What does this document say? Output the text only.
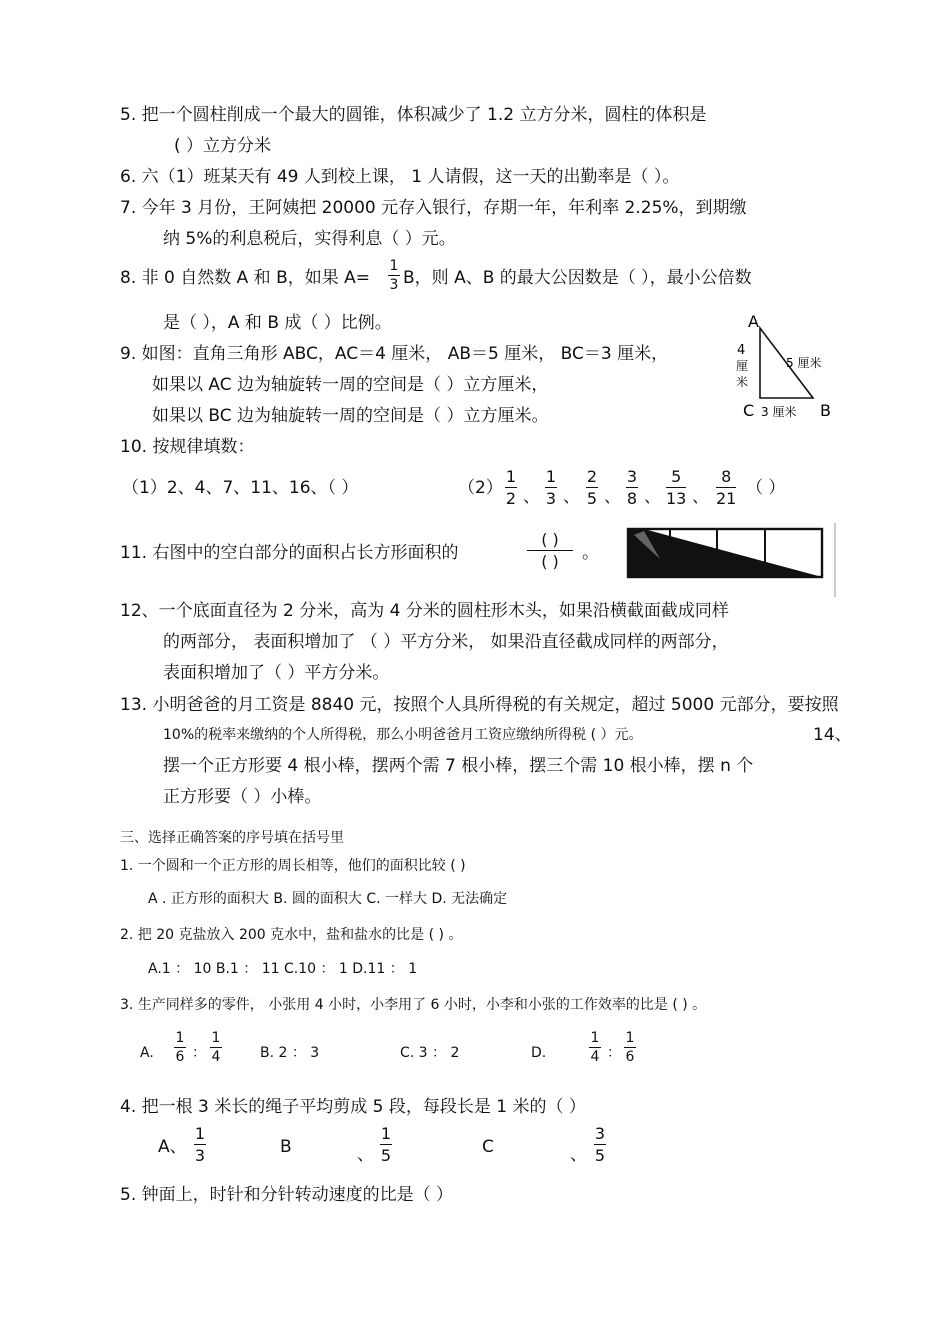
5. 把一个圆柱削成一个最大的圆锥，体积减少了 1.2 立方分米，圆柱的体积是
( ）立方分米
6. 六（1）班某天有 49 人到校上课， 1 人请假，这一天的出勤率是（ ）。
7. 今年 3 月份，王阿姨把 20000 元存入银行，存期一年，年利率 2.25%，到期缴
纳 5%的利息税后，实得利息（ ）元。
8. 非 0 自然数 A 和 B，如果 A=
1
3 B，则 A、B 的最大公因数是（ ），最小公倍数
是（ ），A 和 B 成（ ）比例。
9. 如图：直角三角形 ABC，AC＝4 厘米， AB＝5 厘米， BC＝3 厘米，
如果以 AC 边为轴旋转一周的空间是（ ）立方厘米，
如果以 BC 边为轴旋转一周的空间是（ ）立方厘米。
A
C	B
4
厘
米
5 厘米
3 厘米
10. 按规律填数：
（1）2、4、7、11、16、（ ）	（2）
1
2 、
1
3 、
2
5 、
3
8 、
5
13 、
8
21
（ ）
11. 右图中的空白部分的面积占长方形面积的
( )
( ) 。
12、一个底面直径为 2 分米，高为 4 分米的圆柱形木头，如果沿横截面截成同样
的两部分， 表面积增加了 （ ）平方分米， 如果沿直径截成同样的两部分，
表面积增加了（ ）平方分米。
13. 小明爸爸的月工资是 8840 元，按照个人具所得税的有关规定，超过 5000 元部分，要按照
10%的税率来缴纳的个人所得税，那么小明爸爸月工资应缴纳所得税 ( ）元。	14、
摆一个正方形要 4 根小棒，摆两个需 7 根小棒，摆三个需 10 根小棒，摆 n 个
正方形要（ ）小棒。
三、选择正确答案的序号填在括号里
1. 一个圆和一个正方形的周长相等，他们的面积比较 ( )
A . 正方形的面积大 B. 圆的面积大 C. 一样大 D. 无法确定
2. 把 20 克盐放入 200 克水中，盐和盐水的比是 ( ) 。
A.1 ： 10 B.1 ： 11 C.10 ： 1 D.11 ： 1
3. 生产同样多的零件， 小张用 4 小时，小李用了 6 小时，小李和小张的工作效率的比是 ( ) 。
A.
1
6 ：
1
4	B. 2 ： 3	C. 3 ： 2	D.
1
4 ：
1
6
4. 把一根 3 米长的绳子平均剪成 5 段，每段长是 1 米的（ ）
A、
1
3	B	、
1
5	C	、
3
5
5. 钟面上，时针和分针转动速度的比是（ ）
